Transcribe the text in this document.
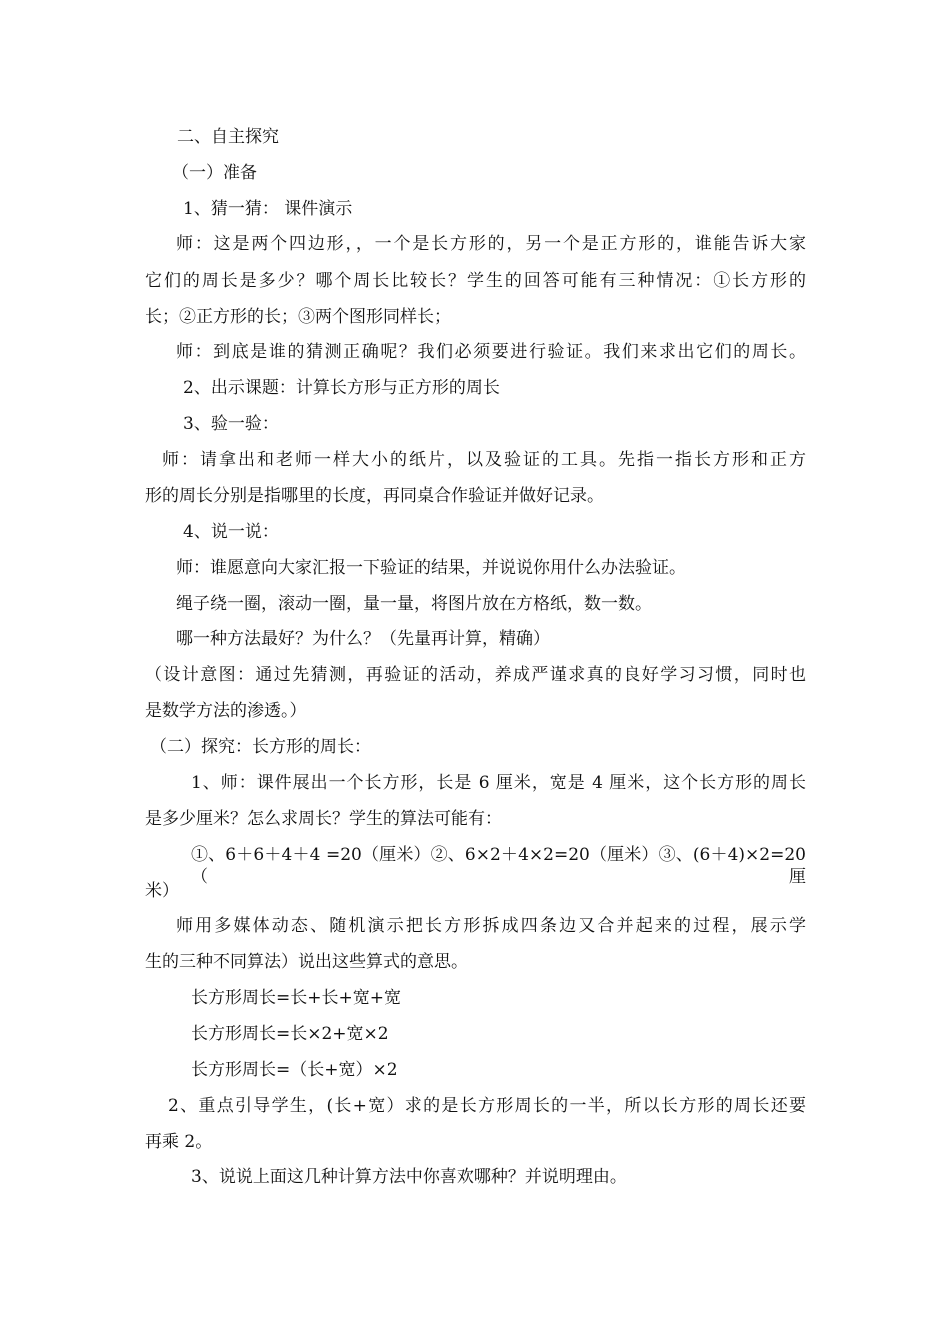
二、自主探究
（一）准备
1、猜一猜： 课件演示
师：这是两个四边形，，一个是长方形的，另一个是正方形的，谁能告诉大家
它们的周长是多少？哪个周长比较长？学生的回答可能有三种情况：①长方形的
长；②正方形的长；③两个图形同样长；
师：到底是谁的猜测正确呢？我们必须要进行验证。我们来求出它们的周长。
2、出示课题：计算长方形与正方形的周长
3、验一验：
师：请拿出和老师一样大小的纸片，以及验证的工具。先指一指长方形和正方
形的周长分别是指哪里的长度，再同桌合作验证并做好记录。
4、说一说：
师：谁愿意向大家汇报一下验证的结果，并说说你用什么办法验证。
绳子绕一圈，滚动一圈，量一量，将图片放在方格纸，数一数。
哪一种方法最好？为什么？（先量再计算，精确）
（设计意图：通过先猜测，再验证的活动，养成严谨求真的良好学习习惯，同时也
是数学方法的渗透。）
（二）探究：长方形的周长：
1、师：课件展出一个长方形，长是 6 厘米，宽是 4 厘米，这个长方形的周长
是多少厘米？怎么求周长？学生的算法可能有：
①、6＋6＋4＋4 =20（厘米）②、6×2＋4×2=20（厘米）③、(6＋4)×2=20（厘
米）
师用多媒体动态、随机演示把长方形拆成四条边又合并起来的过程，展示学
生的三种不同算法）说出这些算式的意思。
长方形周长=长+长+宽+宽
长方形周长=长×2+宽×2
长方形周长=（长+宽）×2
2、重点引导学生，(长+宽）求的是长方形周长的一半，所以长方形的周长还要
再乘 2。
3、说说上面这几种计算方法中你喜欢哪种？并说明理由。
